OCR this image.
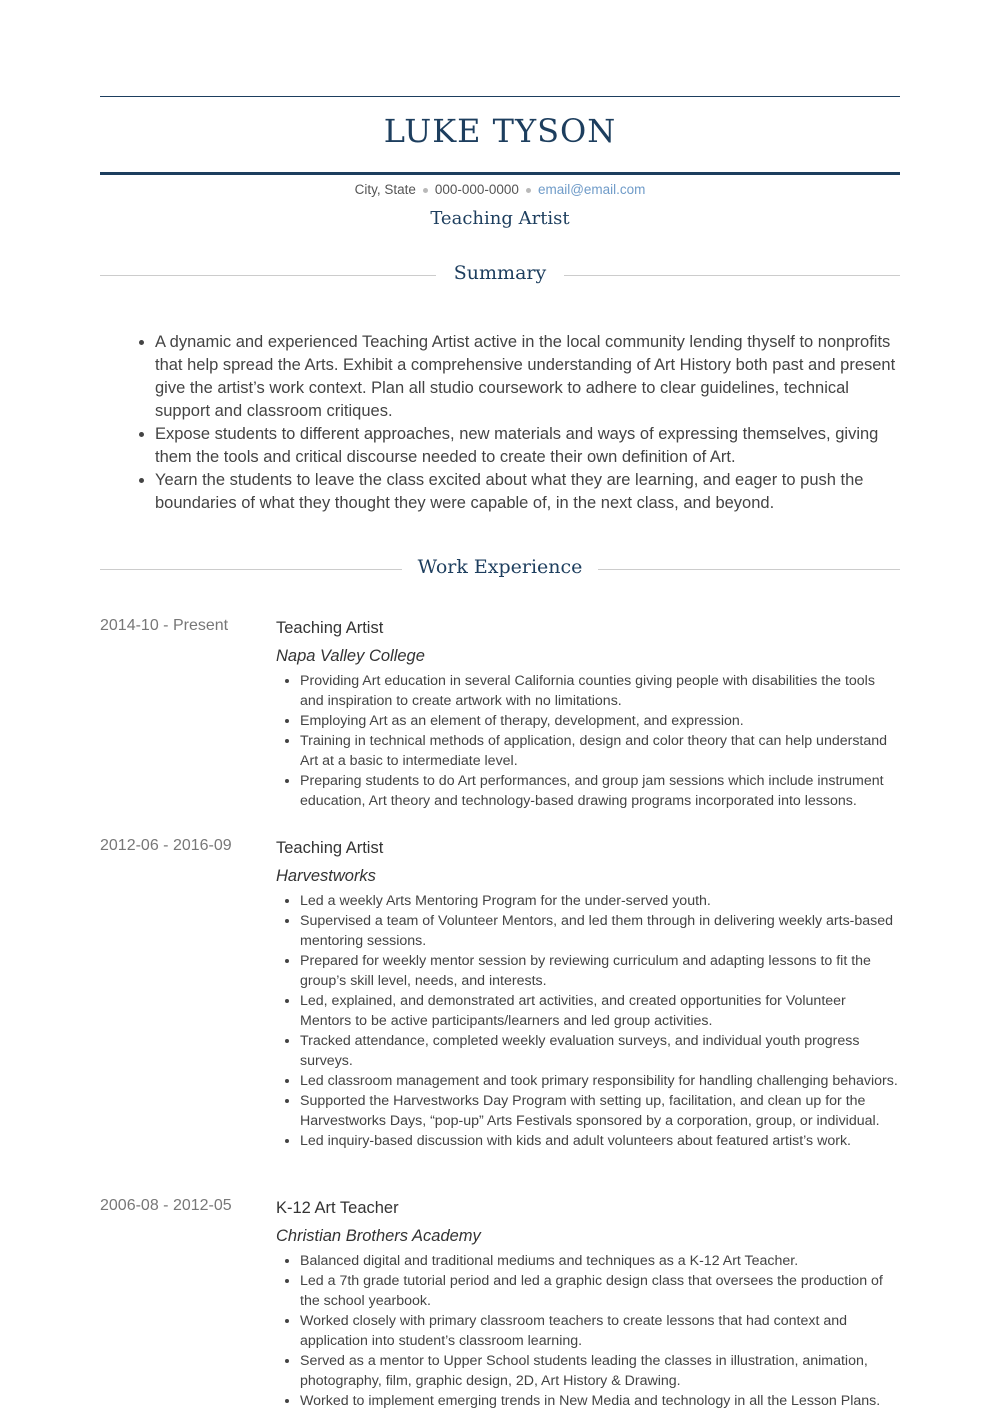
LUKE TYSON
City, State 000-000-0000 email@email.com
Teaching Artist
Summary
• A dynamic and experienced Teaching Artist active in the local community lending thyself to nonprofits that help spread the Arts. Exhibit a comprehensive understanding of Art History both past and present give the artist’s work context. Plan all studio coursework to adhere to clear guidelines, technical support and classroom critiques.
• Expose students to different approaches, new materials and ways of expressing themselves, giving them the tools and critical discourse needed to create their own definition of Art.
• Yearn the students to leave the class excited about what they are learning, and eager to push the boundaries of what they thought they were capable of, in the next class, and beyond.
Work Experience
2014-10 - Present	Teaching Artist
Napa Valley College
• Providing Art education in several California counties giving people with disabilities the tools and inspiration to create artwork with no limitations.
• Employing Art as an element of therapy, development, and expression.
• Training in technical methods of application, design and color theory that can help understand Art at a basic to intermediate level.
• Preparing students to do Art performances, and group jam sessions which include instrument education, Art theory and technology-based drawing programs incorporated into lessons.
2012-06 - 2016-09	Teaching Artist
Harvestworks
• Led a weekly Arts Mentoring Program for the under-served youth.
• Supervised a team of Volunteer Mentors, and led them through in delivering weekly arts-based mentoring sessions.
• Prepared for weekly mentor session by reviewing curriculum and adapting lessons to fit the group’s skill level, needs, and interests.
• Led, explained, and demonstrated art activities, and created opportunities for Volunteer Mentors to be active participants/learners and led group activities.
• Tracked attendance, completed weekly evaluation surveys, and individual youth progress surveys.
• Led classroom management and took primary responsibility for handling challenging behaviors.
• Supported the Harvestworks Day Program with setting up, facilitation, and clean up for the Harvestworks Days, “pop-up” Arts Festivals sponsored by a corporation, group, or individual.
• Led inquiry-based discussion with kids and adult volunteers about featured artist’s work.
2006-08 - 2012-05	K-12 Art Teacher
Christian Brothers Academy
• Balanced digital and traditional mediums and techniques as a K-12 Art Teacher.
• Led a 7th grade tutorial period and led a graphic design class that oversees the production of the school yearbook.
• Worked closely with primary classroom teachers to create lessons that had context and application into student’s classroom learning.
• Served as a mentor to Upper School students leading the classes in illustration, animation, photography, film, graphic design, 2D, Art History & Drawing.
• Worked to implement emerging trends in New Media and technology in all the Lesson Plans.
